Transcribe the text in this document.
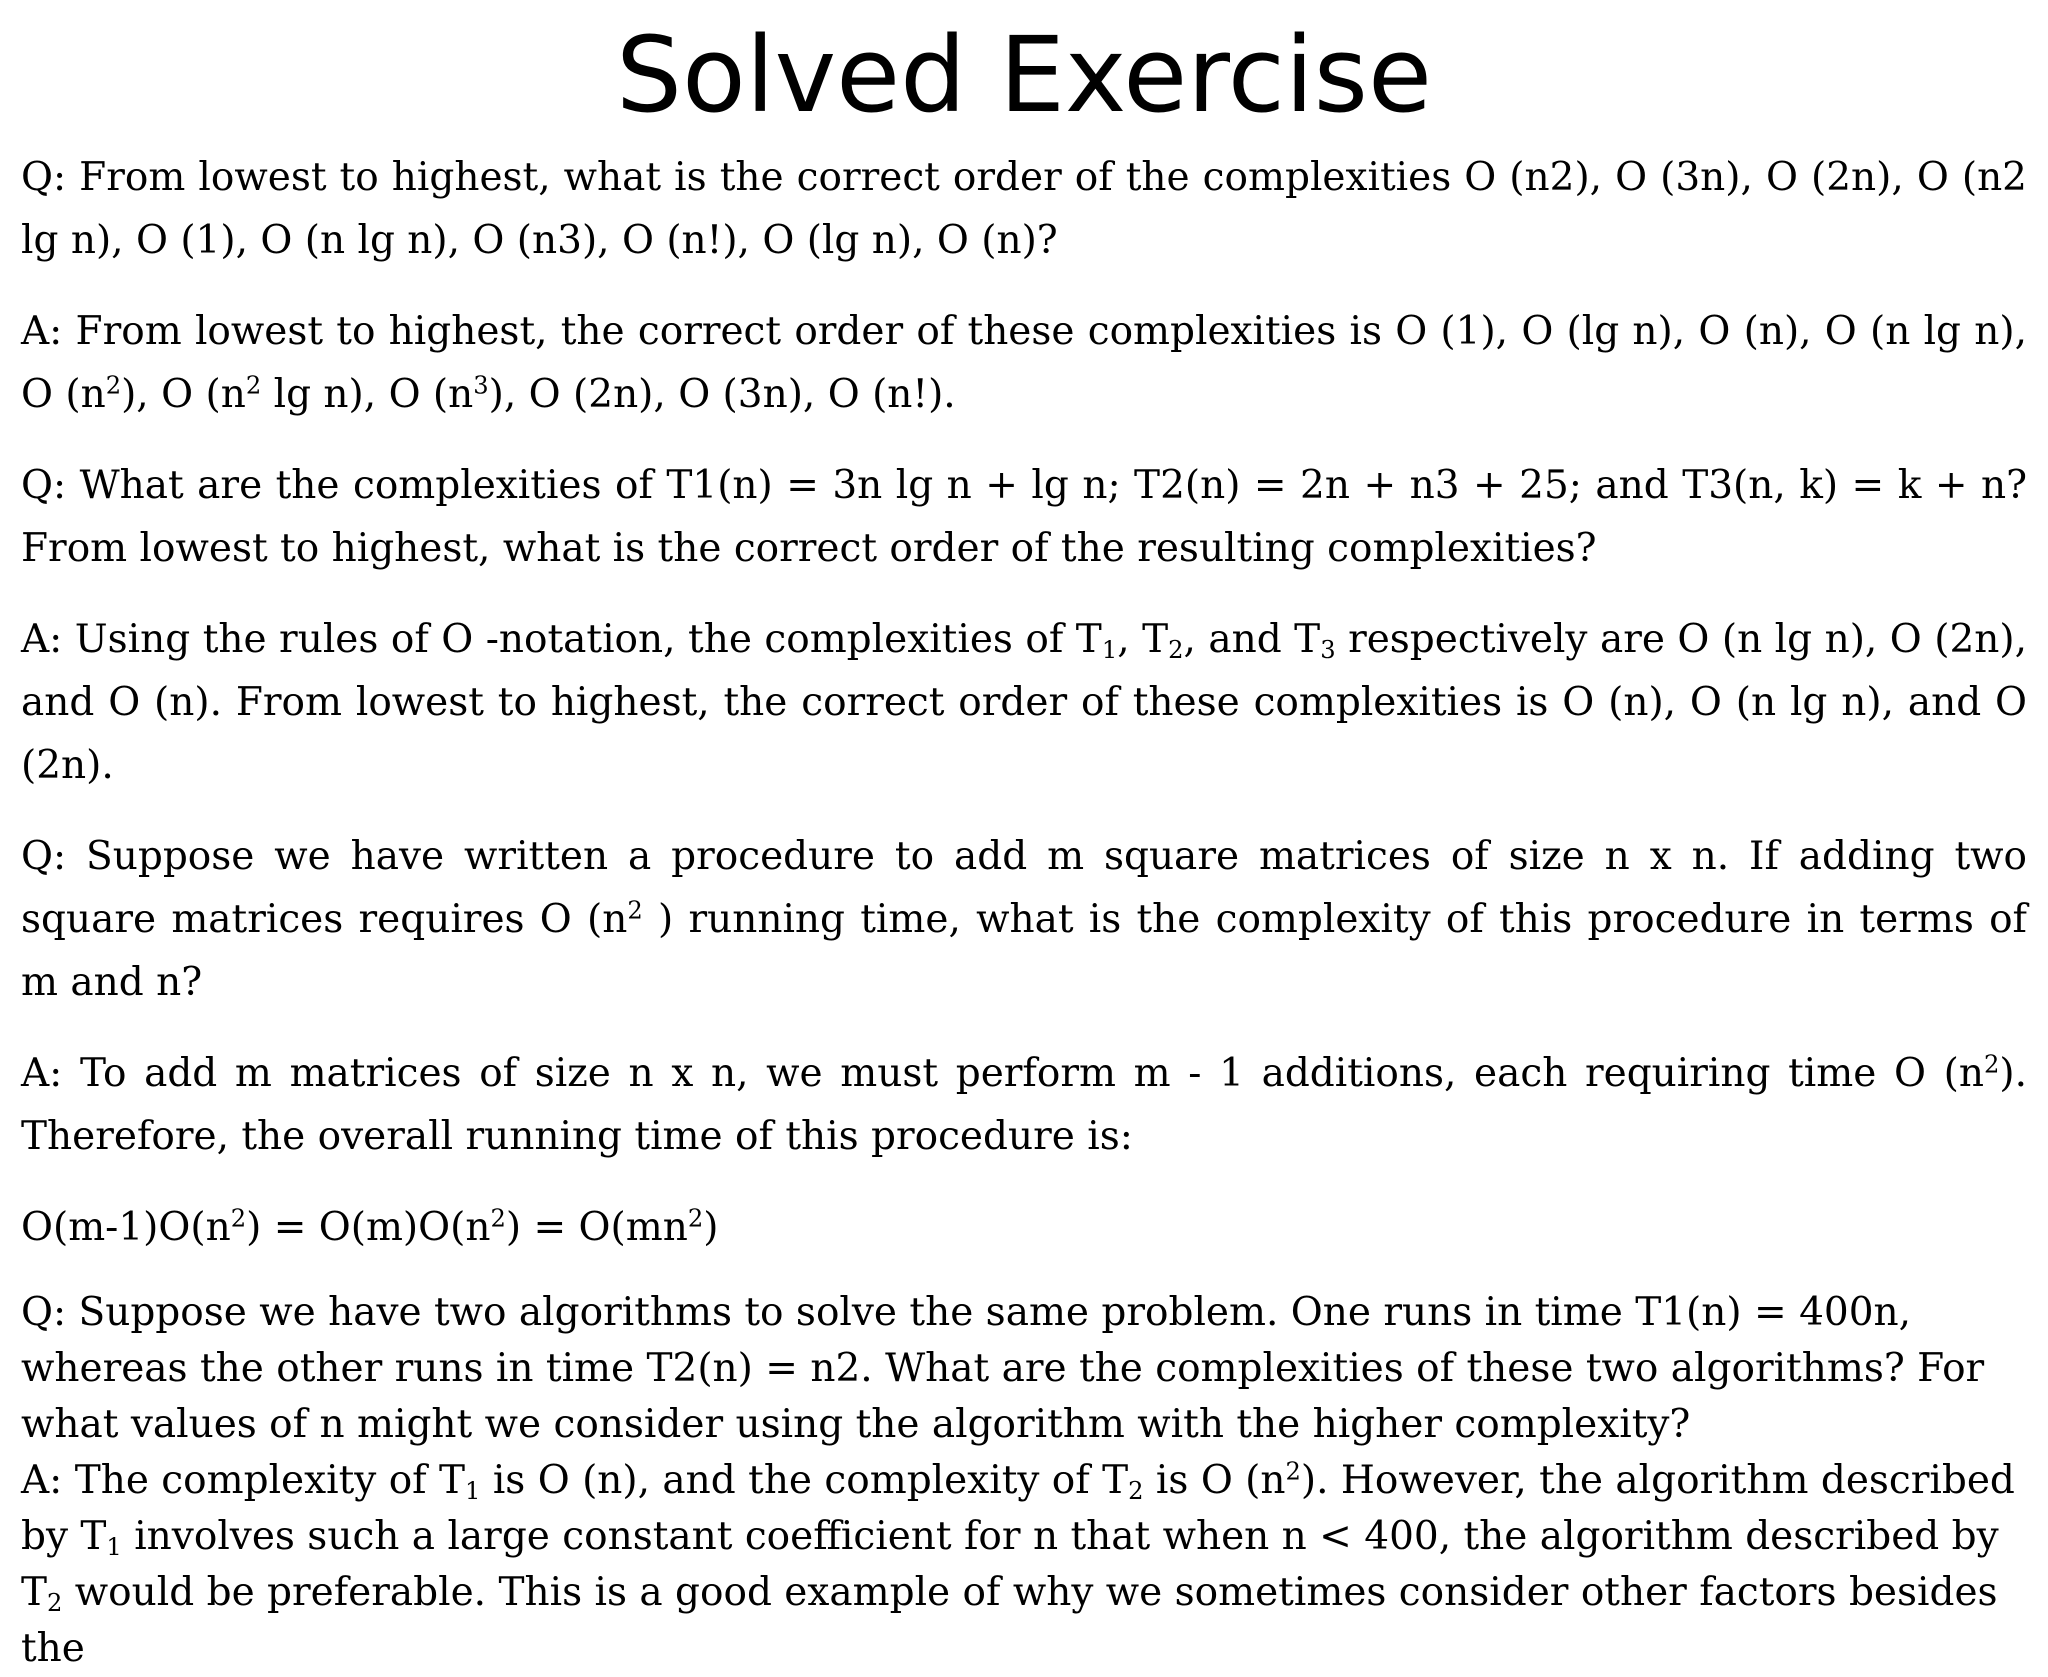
Solved Exercise

Q: From lowest to highest, what is the correct order of the complexities O (n2), O (3n), O (2n), O (n2 lg n), O (1), O (n lg n), O (n3), O (n!), O (lg n), O (n)?

A: From lowest to highest, the correct order of these complexities is O (1), O (lg n), O (n), O (n lg n), O $(n^2)$, O ($n^2$ lg n), O $(n^3)$, O (2n), O (3n), O (n!).

Q: What are the complexities of T1(n) = 3n lg n + lg n; T2(n) = 2n + n3 + 25; and T3(n, k) = k + n? From lowest to highest, what is the correct order of the resulting complexities?

A: Using the rules of O -notation, the complexities of $T_1$, $T_2$, and $T_3$ respectively are O (n lg n), O (2n), and O (n). From lowest to highest, the correct order of these complexities is O (n), O (n lg n), and O (2n).

Q: Suppose we have written a procedure to add m square matrices of size n x n. If adding two square matrices requires O ($n^2$ ) running time, what is the complexity of this procedure in terms of m and n?

A: To add m matrices of size n x n, we must perform m - 1 additions, each requiring time O $(n^2)$. Therefore, the overall running time of this procedure is:

$O(m-1)O(n^2) = O(m)O(n^2) = O(mn^2)$

Q: Suppose we have two algorithms to solve the same problem. One runs in time T1(n) = 400n, whereas the other runs in time T2(n) = n2. What are the complexities of these two algorithms? For what values of n might we consider using the algorithm with the higher complexity?

A: The complexity of $T_1$ is O (n), and the complexity of $T_2$ is O $(n^2)$. However, the algorithm described by $T_1$ involves such a large constant coefficient for n that when n < 400, the algorithm described by $T_2$ would be preferable. This is a good example of why we sometimes consider other factors besides the
